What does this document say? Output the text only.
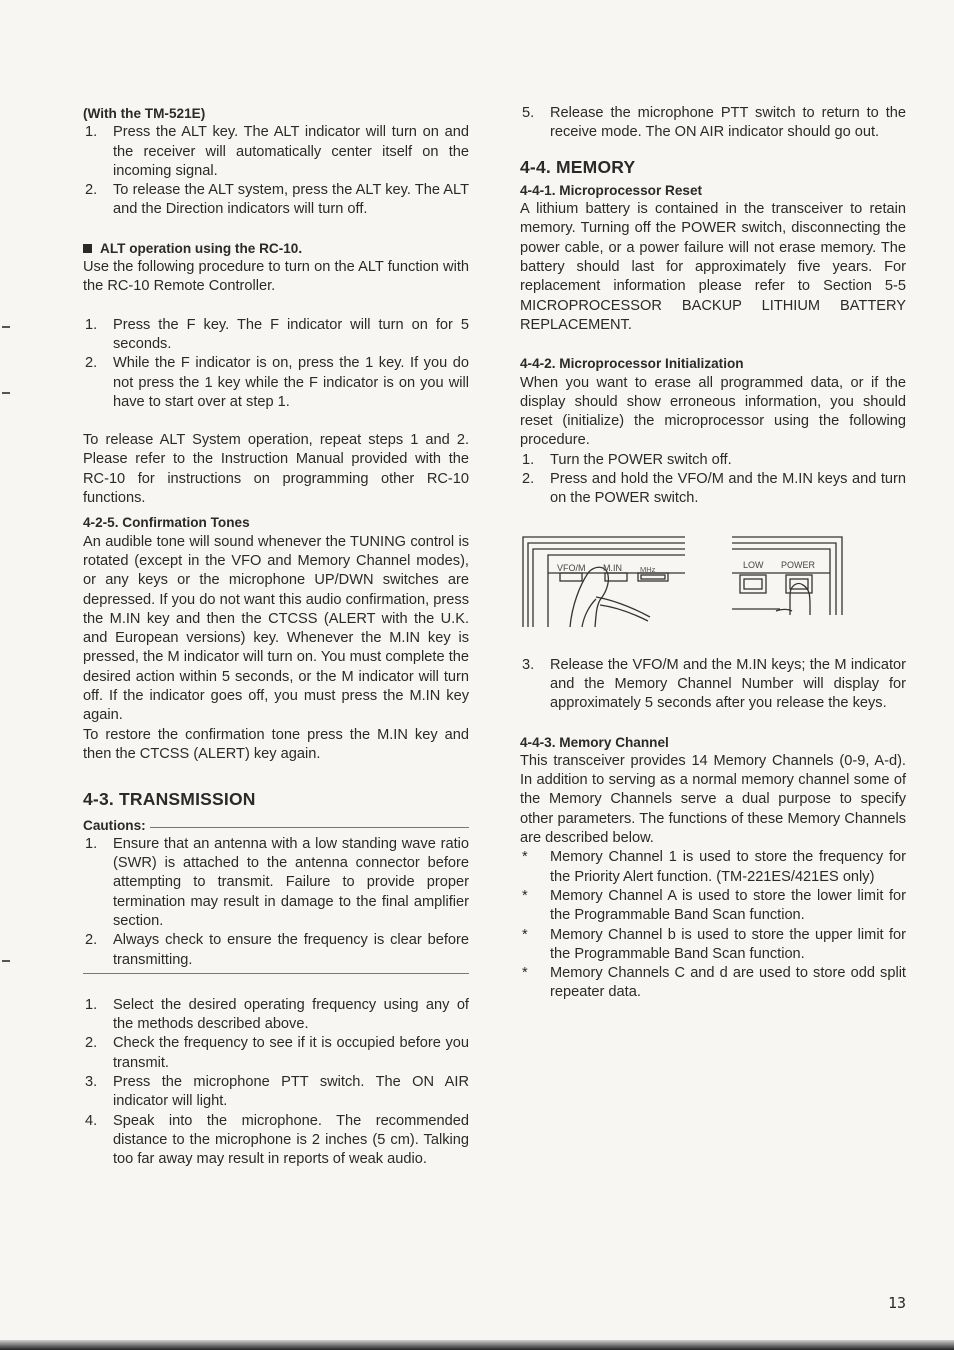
(With the TM-521E)
1. Press the ALT key. The ALT indicator will turn on and the receiver will automatically center itself on the incoming signal.
2. To release the ALT system, press the ALT key. The ALT and the Direction indicators will turn off.
ALT operation using the RC-10.

Use the following procedure to turn on the ALT function with the RC-10 Remote Controller.

1. Press the F key. The F indicator will turn on for 5 seconds.
2. While the F indicator is on, press the 1 key. If you do not press the 1 key while the F indicator is on you will have to start over at step 1.

To release ALT System operation, repeat steps 1 and 2. Please refer to the Instruction Manual provided with the RC-10 for instructions on programming other RC-10 functions.

4-2-5. Confirmation Tones

An audible tone will sound whenever the TUNING control is rotated (except in the VFO and Memory Channel modes), or any keys or the microphone UP/DWN switches are depressed. If you do not want this audio confirmation, press the M.IN key and then the CTCSS (ALERT with the U.K. and European versions) key. Whenever the M.IN key is pressed, the M indicator will turn on. You must complete the desired action within 5 seconds, or the M indicator will turn off. If the indicator goes off, you must press the M.IN key again.

To restore the confirmation tone press the M.IN key and then the CTCSS (ALERT) key again.

4-3. TRANSMISSION
Cautions:
1. Ensure that an antenna with a low standing wave ratio (SWR) is attached to the antenna connector before attempting to transmit. Failure to provide proper termination may result in damage to the final amplifier section.
2. Always check to ensure the frequency is clear before transmitting.
1. Select the desired operating frequency using any of the methods described above.
2. Check the frequency to see if it is occupied before you transmit.
3. Press the microphone PTT switch. The ON AIR indicator will light.
4. Speak into the microphone. The recommended distance to the microphone is 2 inches (5 cm). Talking too far away may result in reports of weak audio.
5. Release the microphone PTT switch to return to the receive mode. The ON AIR indicator should go out.
4-4. MEMORY
4-4-1. Microprocessor Reset

A lithium battery is contained in the transceiver to retain memory. Turning off the POWER switch, disconnecting the power cable, or a power failure will not erase memory. The battery should last for approximately five years. For replacement information please refer to Section 5-5 MICROPROCESSOR BACKUP LITHIUM BATTERY REPLACEMENT.

4-4-2. Microprocessor Initialization

When you want to erase all programmed data, or if the display should show erroneous information, you should reset (initialize) the microprocessor using the following procedure.

1. Turn the POWER switch off.
2. Press and hold the VFO/M and the M.IN keys and turn on the POWER switch.
VFO/M M.IN MHz	LOW POWER
3. Release the VFO/M and the M.IN keys; the M indicator and the Memory Channel Number will display for approximately 5 seconds after you release the keys.
4-4-3. Memory Channel

This transceiver provides 14 Memory Channels (0-9, A-d). In addition to serving as a normal memory channel some of the Memory Channels serve a dual purpose to specify other parameters. The functions of these Memory Channels are described below.

* Memory Channel 1 is used to store the frequency for the Priority Alert function. (TM-221ES/421ES only)
* Memory Channel A is used to store the lower limit for the Programmable Band Scan function.
* Memory Channel b is used to store the upper limit for the Programmable Band Scan function.
* Memory Channels C and d are used to store odd split repeater data.
13
